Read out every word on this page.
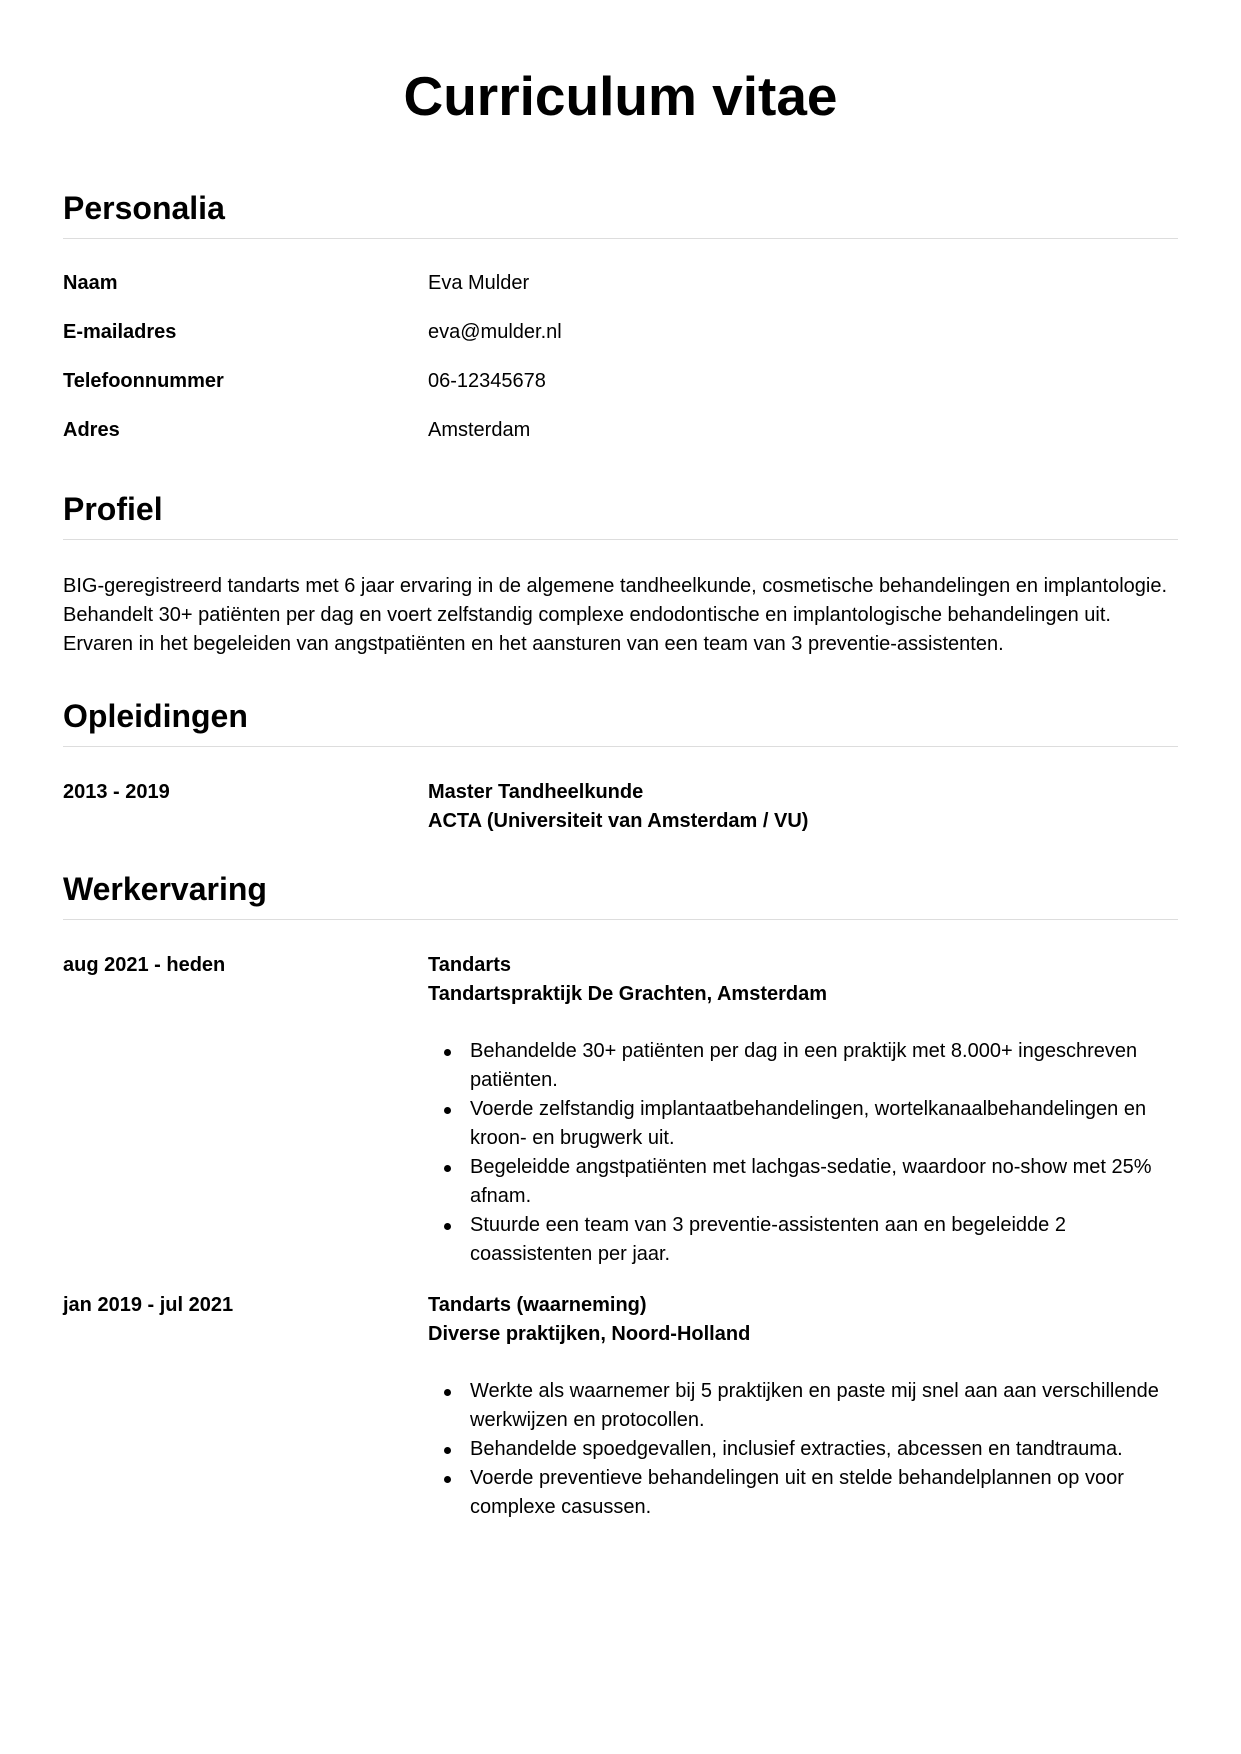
Curriculum vitae
Personalia
Naam	Eva Mulder
E-mailadres	eva@mulder.nl
Telefoonnummer	06-12345678
Adres	Amsterdam
Profiel

BIG-geregistreerd tandarts met 6 jaar ervaring in de algemene tandheelkunde, cosmetische behandelingen en implantologie. Behandelt 30+ patiënten per dag en voert zelfstandig complexe endodontische en implantologische behandelingen uit. Ervaren in het begeleiden van angstpatiënten en het aansturen van een team van 3 preventie-assistenten.

Opleidingen
2013 - 2019	Master Tandheelkunde
ACTA (Universiteit van Amsterdam / VU)
Werkervaring
aug 2021 - heden	Tandarts
Tandartspraktijk De Grachten, Amsterdam
Behandelde 30+ patiënten per dag in een praktijk met 8.000+ ingeschreven patiënten.
Voerde zelfstandig implantaatbehandelingen, wortelkanaalbehandelingen en kroon- en brugwerk uit.
Begeleidde angstpatiënten met lachgas-sedatie, waardoor no-show met 25% afnam.
Stuurde een team van 3 preventie-assistenten aan en begeleidde 2 coassistenten per jaar.
jan 2019 - jul 2021	Tandarts (waarneming)
Diverse praktijken, Noord-Holland
Werkte als waarnemer bij 5 praktijken en paste mij snel aan aan verschillende werkwijzen en protocollen.
Behandelde spoedgevallen, inclusief extracties, abcessen en tandtrauma.
Voerde preventieve behandelingen uit en stelde behandelplannen op voor complexe casussen.
